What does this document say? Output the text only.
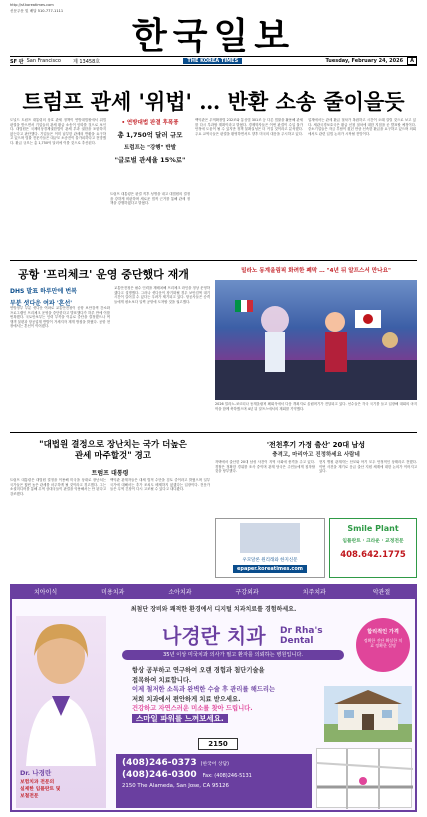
http://sf.koreatimes.com
신문주문 및 배달 510-777-1111
한국일보
SF 판 San Francisco 제 13458호	THE KOREA TIMES	Tuesday, February 24, 2026	A
트럼프 관세 '위법' … 반환 소송 줄이을듯
도널드 트럼프 대통령의 상호 관세 정책이 연방대법원에서 위법 판결을 받으면서 기업들의 관세 환급 소송이 잇따를 것으로 보인다. 대법원은 국제비상경제권한법이 관세 부과 권한을 포함하지 않는다고 판단했다. 기업들은 이미 납부한 관세의 반환을 요구하고 있으며 법률 전문가들은 대규모 소송전이 불가피하다고 전망했다. 환급 규모는 총 1,750억 달러에 이를 것으로 추산된다.
• 연방대법 판결 후폭풍
총 1,750억 달러 규모
트럼프는 "강행" 반발
"글로벌 관세율 15%로"
트럼프 대통령은 판결 직후 성명을 내고 대법원의 결정을 강하게 비판하며 새로운 법적 근거를 통해 관세 정책을 강행하겠다고 밝혔다.
백악관은 무역확장법 232조와 통상법 301조 등 다른 법률을 활용해 관세를 다시 부과할 계획이라고 밝혔다. 경제학자들은 이번 판결이 수입 물가 안정에 도움이 될 수 있지만 정책 불확실성은 더 커질 것이라고 분석했다. 주요 교역국들은 판결을 환영하면서도 향후 미국의 대응을 주시하고 있다.
업계에서는 관세 환급 절차가 복잡하고 시간이 오래 걸릴 것으로 보고 있다. 세관국경보호국은 환급 신청 절차에 대한 지침을 곧 발표할 예정이다. 중소기업들은 자금 부담이 컸던 만큼 신속한 환급을 요구하고 있으며 의회에서도 관련 입법 논의가 시작될 전망이다.
공항 '프리체크' 운영 중단했다 재개
DHS 발표 하루만에 번복
부분 셧다운 여파 '혼선'
연방정부 부분 셧다운 여파로 교통안전청이 공항 보안검색 간소화 프로그램인 프리체크 운영을 중단한다고 발표했다가 하루 만에 이를 번복했다. 국토안보부는 인력 부족을 이유로 중단을 결정했으나 여행객 불편과 항공업계 반발이 거세지자 재개 방침을 밝혔다. 공항 현장에서는 혼선이 이어졌다.
교통안전청은 필수 인력을 재배치해 프리체크 라인을 정상 운영하겠다고 설명했다. 그러나 셧다운이 장기화될 경우 보안검색 대기 시간이 길어질 수 있다는 우려가 제기되고 있다. 항공사들은 승객들에게 평소보다 일찍 공항에 도착할 것을 권고했다.
밀라노 동계올림픽 화려한 폐막 … "4년 뒤 알프스서 만나요"
2026 밀라노-코르티나 동계올림픽 폐회식에서 다음 개최지로 올림픽기가 전달되고 있다. 선수들은 각국 국기를 들고 입장해 대회의 마지막을 함께 축하했으며 4년 뒤 알프스에서의 재회를 기약했다.
"대법원 결정으로 장난치는 국가 더높은 관세 마주할것" 경고
트럼프 대통령
트럼프 대통령은 대법원 결정을 이용해 미국을 상대로 장난치는 국가들은 훨씬 높은 관세를 마주하게 될 것이라고 경고했다. 그는 소셜미디어를 통해 무역 상대국들이 판결을 악용해서는 안 된다고 강조했다.
백악관 관계자들은 대체 법적 수단을 검토 중이라고 밝혔으며 일부 국가에 대해서는 추가 조치도 배제하지 않겠다는 입장이다. 전문가들은 무역 긴장이 다시 고조될 수 있다고 내다봤다.
'전천후기 가정 출산' 20대 남성
충격고, 마리아고 진정하세요 사람네
자택에서 출산한 20대 남성 사건이 지역 사회에 충격을 주고 있다. 경찰은 정확한 경위를 조사 중이며 관계 당국은 주민들에게 침착할 것을 당부했다.
현지 병원 관계자는 산모와 아기 모두 안정적인 상태라고 전했다. 이번 사건을 계기로 응급 출산 지원 체계에 대한 논의가 이어지고 있다.
우모달론 원리래와 한지신문
epaper.koreatimes.com
Smile Plant
임플란트 · 크라운 · 교정전문
408.642.1775
치아이식	미용치과	소아치과	구강외과	치주치과	악관절
최첨단 장비와 쾌적한 환경에서 디지털 치과치료를 경험하세요.
Dr. 나경란
보험치과 전문의
실제한 임플란트 및
보철전문
나경란 치과 Dr Rha's Dental
35년 이상 미국치과 의사가 필고 환자를 의뢰하는 병원입니다.
합리적인 가격
정확한 진단 확실한 치료 정확한 설명
항상 공부하고 연구하여 오랜 경험과 첨단기술을
접목하여 치료합니다.
이제 철저한 소독과 완벽한 수술 후 관리를 해드리는
저희 치과에서 편안하게 치료 받으세요.
건강하고 자연스러운 미소를 찾아 드립니다.
스마일 파워를 느껴보세요.
2150
(408)246-0373 (한국어 상담)
(408)246-0300 Fax: (408)246-5131
2150 The Alameda, San Jose, CA 95126
